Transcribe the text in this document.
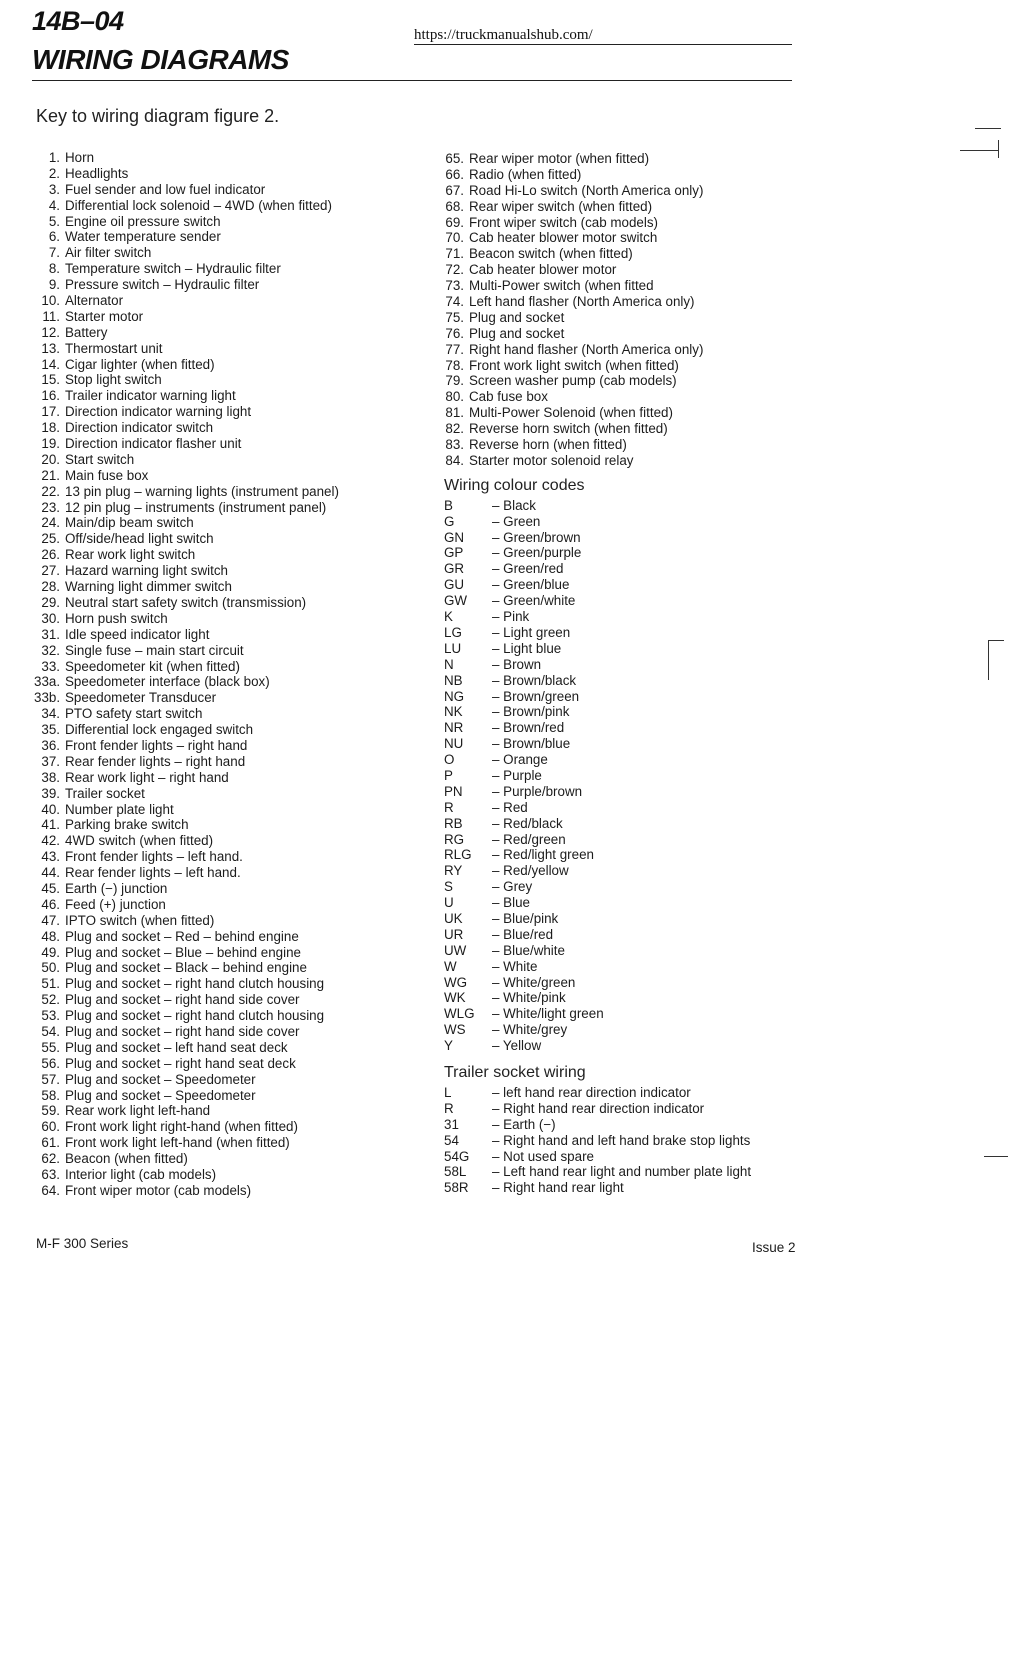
14B–04	https://truckmanualshub.com/
WIRING DIAGRAMS
Key to wiring diagram figure 2.
1. Horn
2. Headlights
3. Fuel sender and low fuel indicator
4. Differential lock solenoid – 4WD (when fitted)
5. Engine oil pressure switch
6. Water temperature sender
7. Air filter switch
8. Temperature switch – Hydraulic filter
9. Pressure switch – Hydraulic filter
10. Alternator
11. Starter motor
12. Battery
13. Thermostart unit
14. Cigar lighter (when fitted)
15. Stop light switch
16. Trailer indicator warning light
17. Direction indicator warning light
18. Direction indicator switch
19. Direction indicator flasher unit
20. Start switch
21. Main fuse box
22. 13 pin plug – warning lights (instrument panel)
23. 12 pin plug – instruments (instrument panel)
24. Main/dip beam switch
25. Off/side/head light switch
26. Rear work light switch
27. Hazard warning light switch
28. Warning light dimmer switch
29. Neutral start safety switch (transmission)
30. Horn push switch
31. Idle speed indicator light
32. Single fuse – main start circuit
33. Speedometer kit (when fitted)
33a. Speedometer interface (black box)
33b. Speedometer Transducer
34. PTO safety start switch
35. Differential lock engaged switch
36. Front fender lights – right hand
37. Rear fender lights – right hand
38. Rear work light – right hand
39. Trailer socket
40. Number plate light
41. Parking brake switch
42. 4WD switch (when fitted)
43. Front fender lights – left hand.
44. Rear fender lights – left hand.
45. Earth (−) junction
46. Feed (+) junction
47. IPTO switch (when fitted)
48. Plug and socket – Red – behind engine
49. Plug and socket – Blue – behind engine
50. Plug and socket – Black – behind engine
51. Plug and socket – right hand clutch housing
52. Plug and socket – right hand side cover
53. Plug and socket – right hand clutch housing
54. Plug and socket – right hand side cover
55. Plug and socket – left hand seat deck
56. Plug and socket – right hand seat deck
57. Plug and socket – Speedometer
58. Plug and socket – Speedometer
59. Rear work light left-hand
60. Front work light right-hand (when fitted)
61. Front work light left-hand (when fitted)
62. Beacon (when fitted)
63. Interior light (cab models)
64. Front wiper motor (cab models)
65. Rear wiper motor (when fitted)
66. Radio (when fitted)
67. Road Hi-Lo switch (North America only)
68. Rear wiper switch (when fitted)
69. Front wiper switch (cab models)
70. Cab heater blower motor switch
71. Beacon switch (when fitted)
72. Cab heater blower motor
73. Multi-Power switch (when fitted
74. Left hand flasher (North America only)
75. Plug and socket
76. Plug and socket
77. Right hand flasher (North America only)
78. Front work light switch (when fitted)
79. Screen washer pump (cab models)
80. Cab fuse box
81. Multi-Power Solenoid (when fitted)
82. Reverse horn switch (when fitted)
83. Reverse horn (when fitted)
84. Starter motor solenoid relay
Wiring colour codes
B	– Black
G	– Green
GN	– Green/brown
GP	– Green/purple
GR	– Green/red
GU	– Green/blue
GW	– Green/white
K	– Pink
LG	– Light green
LU	– Light blue
N	– Brown
NB	– Brown/black
NG	– Brown/green
NK	– Brown/pink
NR	– Brown/red
NU	– Brown/blue
O	– Orange
P	– Purple
PN	– Purple/brown
R	– Red
RB	– Red/black
RG	– Red/green
RLG	– Red/light green
RY	– Red/yellow
S	– Grey
U	– Blue
UK	– Blue/pink
UR	– Blue/red
UW	– Blue/white
W	– White
WG	– White/green
WK	– White/pink
WLG	– White/light green
WS	– White/grey
Y	– Yellow
Trailer socket wiring
L	– left hand rear direction indicator
R	– Right hand rear direction indicator
31	– Earth (−)
54	– Right hand and left hand brake stop lights
54G	– Not used spare
58L	– Left hand rear light and number plate light
58R	– Right hand rear light
M-F 300 Series	Issue 2
